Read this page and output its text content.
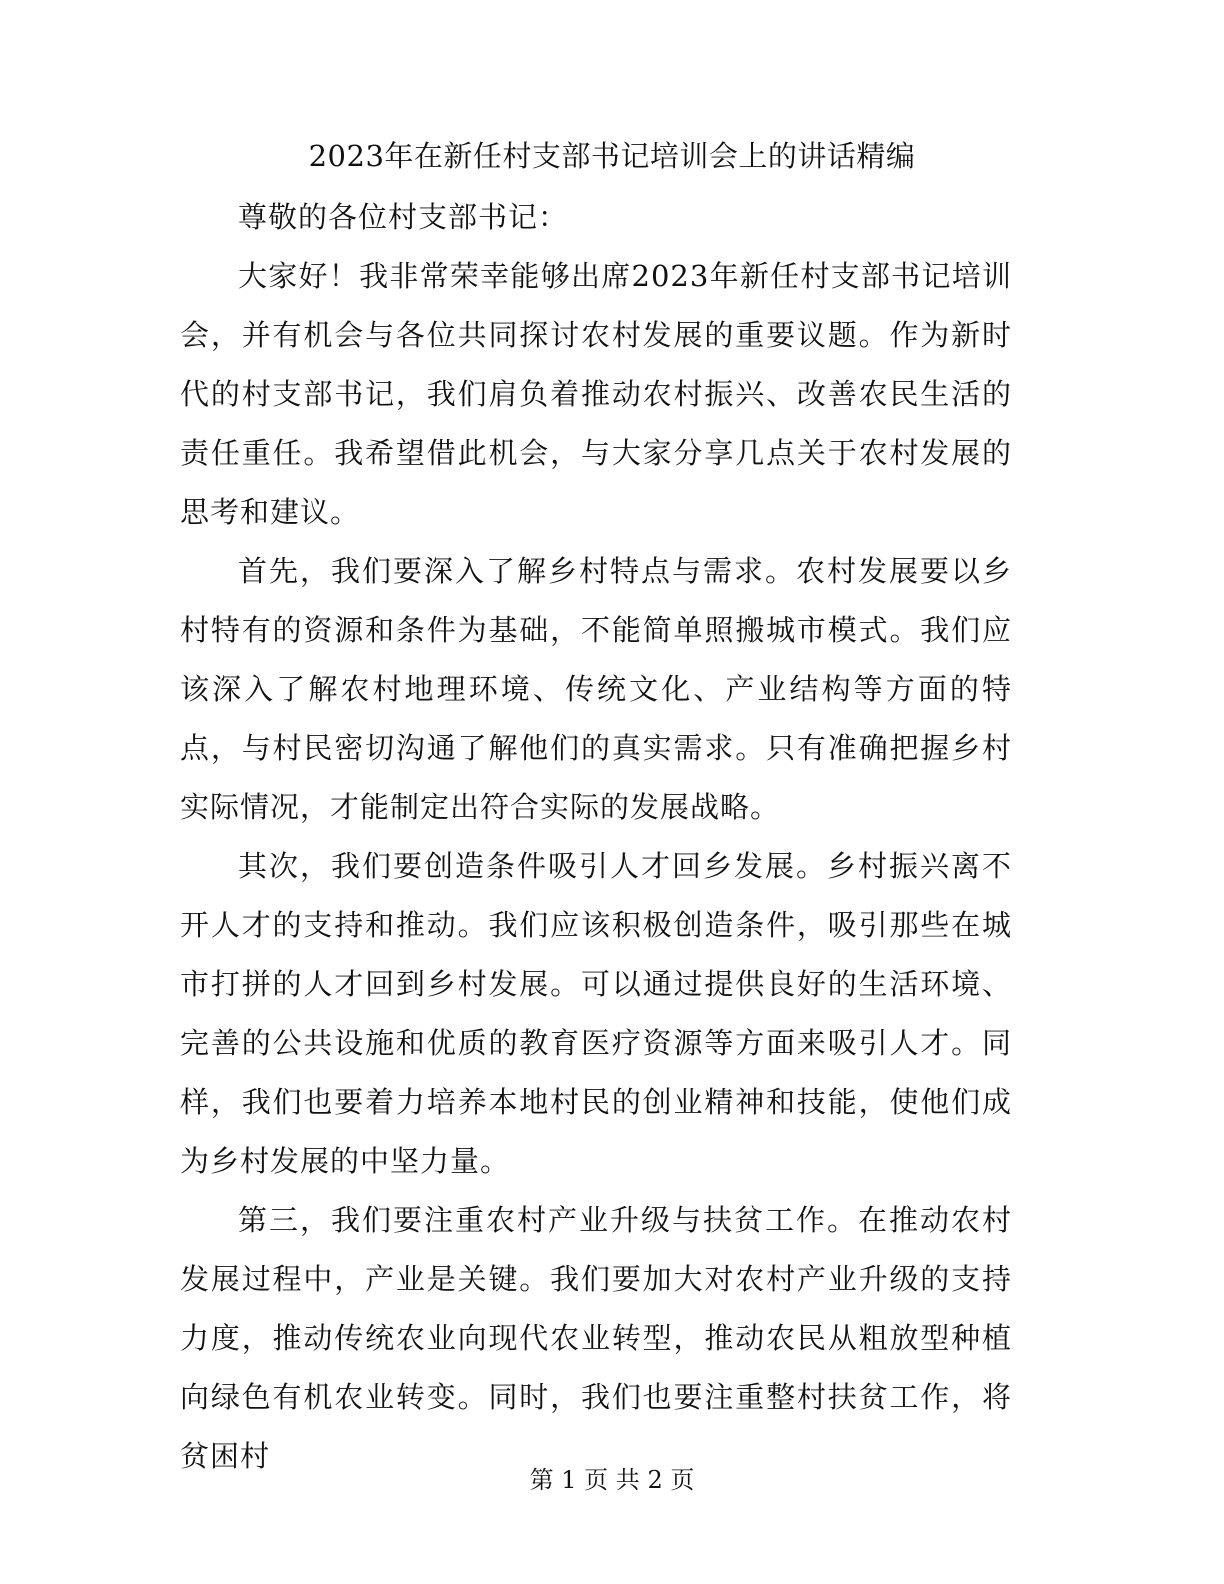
2023年在新任村支部书记培训会上的讲话精编

尊敬的各位村支部书记：

大家好！我非常荣幸能够出席2023年新任村支部书记培训会，并有机会与各位共同探讨农村发展的重要议题。作为新时代的村支部书记，我们肩负着推动农村振兴、改善农民生活的责任重任。我希望借此机会，与大家分享几点关于农村发展的思考和建议。

首先，我们要深入了解乡村特点与需求。农村发展要以乡村特有的资源和条件为基础，不能简单照搬城市模式。我们应该深入了解农村地理环境、传统文化、产业结构等方面的特点，与村民密切沟通了解他们的真实需求。只有准确把握乡村实际情况，才能制定出符合实际的发展战略。

其次，我们要创造条件吸引人才回乡发展。乡村振兴离不开人才的支持和推动。我们应该积极创造条件，吸引那些在城市打拼的人才回到乡村发展。可以通过提供良好的生活环境、完善的公共设施和优质的教育医疗资源等方面来吸引人才。同样，我们也要着力培养本地村民的创业精神和技能，使他们成为乡村发展的中坚力量。

第三，我们要注重农村产业升级与扶贫工作。在推动农村发展过程中，产业是关键。我们要加大对农村产业升级的支持力度，推动传统农业向现代农业转型，推动农民从粗放型种植向绿色有机农业转变。同时，我们也要注重整村扶贫工作，将贫困村

第 1 页 共 2 页
